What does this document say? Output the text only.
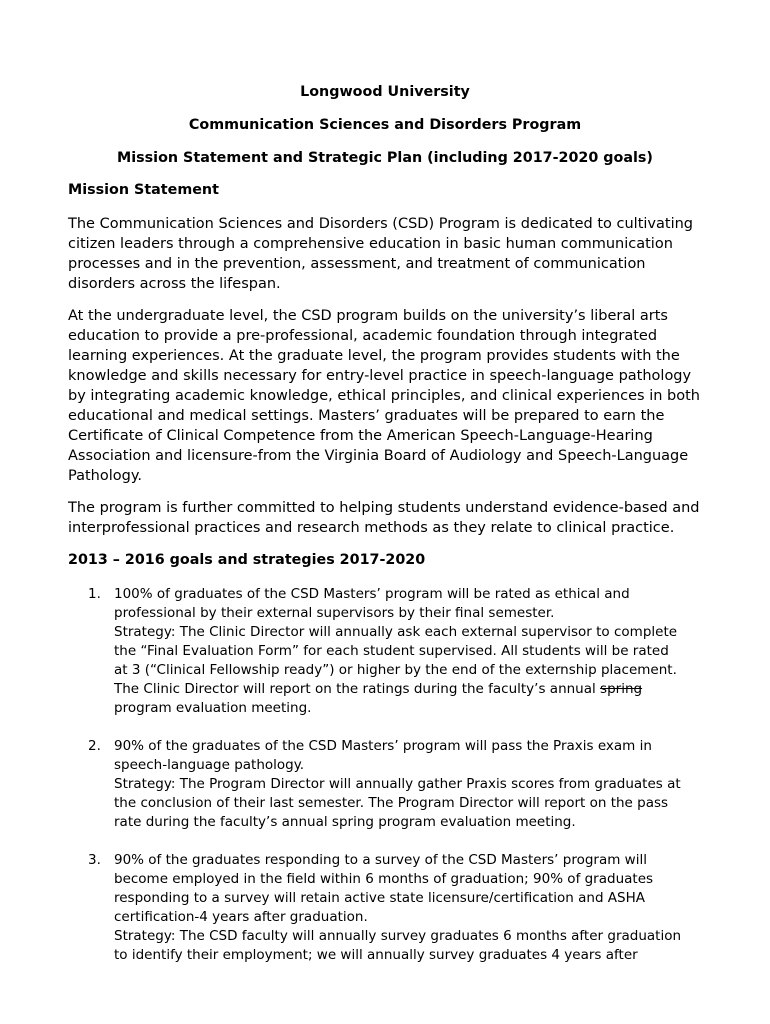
Longwood University
Communication Sciences and Disorders Program
Mission Statement and Strategic Plan (including 2017-2020 goals)
Mission Statement
The Communication Sciences and Disorders (CSD) Program is dedicated to cultivating
citizen leaders through a comprehensive education in basic human communication
processes and in the prevention, assessment, and treatment of communication
disorders across the lifespan.
At the undergraduate level, the CSD program builds on the university’s liberal arts
education to provide a pre-professional, academic foundation through integrated
learning experiences. At the graduate level, the program provides students with the
knowledge and skills necessary for entry-level practice in speech-language pathology
by integrating academic knowledge, ethical principles, and clinical experiences in both
educational and medical settings. Masters’ graduates will be prepared to earn the
Certificate of Clinical Competence from the American Speech-Language-Hearing
Association and licensure-from the Virginia Board of Audiology and Speech-Language
Pathology.
The program is further committed to helping students understand evidence-based and
interprofessional practices and research methods as they relate to clinical practice.
2013 – 2016 goals and strategies 2017-2020
1. 100% of graduates of the CSD Masters’ program will be rated as ethical and
professional by their external supervisors by their final semester.
Strategy: The Clinic Director will annually ask each external supervisor to complete
the “Final Evaluation Form” for each student supervised. All students will be rated
at 3 (“Clinical Fellowship ready”) or higher by the end of the externship placement.
The Clinic Director will report on the ratings during the faculty’s annual spring
program evaluation meeting.
2. 90% of the graduates of the CSD Masters’ program will pass the Praxis exam in
speech-language pathology.
Strategy: The Program Director will annually gather Praxis scores from graduates at
the conclusion of their last semester. The Program Director will report on the pass
rate during the faculty’s annual spring program evaluation meeting.
3. 90% of the graduates responding to a survey of the CSD Masters’ program will
become employed in the field within 6 months of graduation; 90% of graduates
responding to a survey will retain active state licensure/certification and ASHA
certification-4 years after graduation.
Strategy: The CSD faculty will annually survey graduates 6 months after graduation
to identify their employment; we will annually survey graduates 4 years after
